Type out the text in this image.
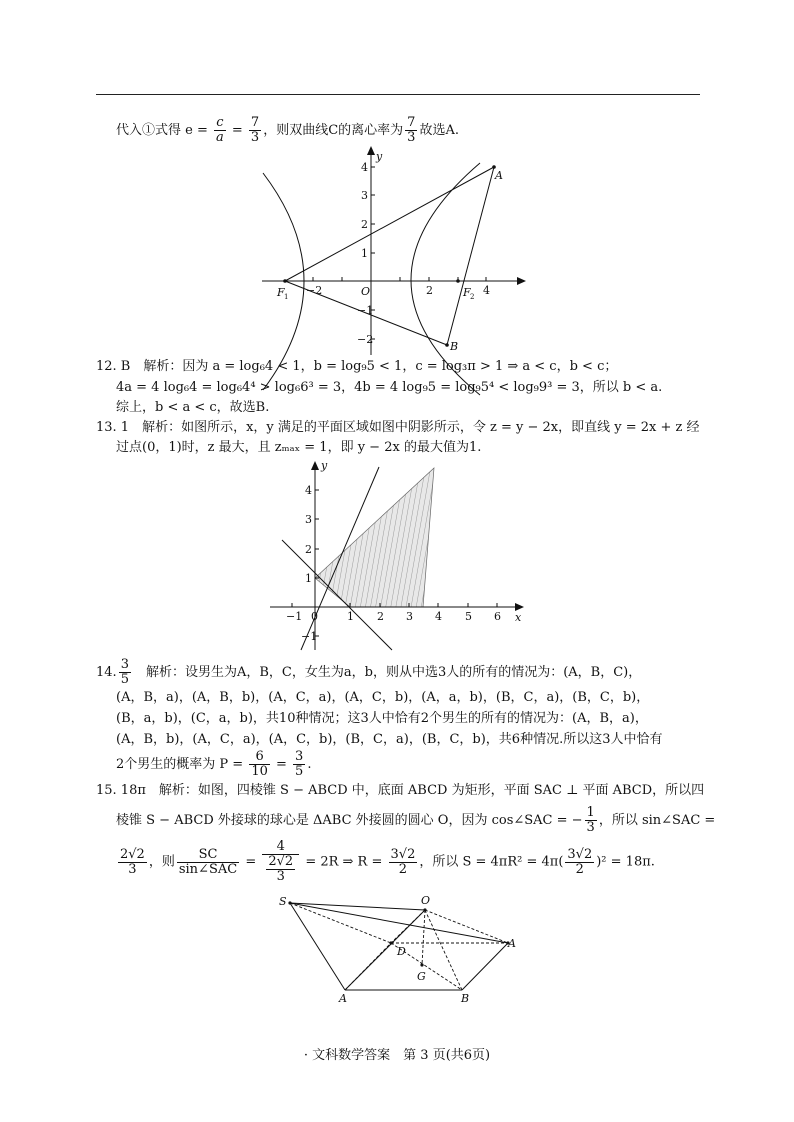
代入①式得 $e = \frac{c}{a} = \frac{7}{3}$ ，则双曲线C的离心率为 $\frac{7}{3}$ 故选A.
y
4
3
2
1
−1
−2
−2	2	4
O
F 1	F 2
A
B
12. B　解析：因为 a = log₆4 < 1，b = log₉5 < 1，c = log₃π > 1 ⇒ a < c，b < c；
4a = 4 log₆4 = log₆4⁴ > log₆6³ = 3，4b = 4 log₉5 = log₉5⁴ < log₉9³ = 3，所以 b < a.
综上，b < a < c，故选B.
13. 1　解析：如图所示，x，y 满足的平面区域如图中阴影所示，令 z = y − 2x，即直线 y = 2x + z 经
过点(0，1)时，z 最大，且 zₘₐₓ = 1，即 y − 2x 的最大值为1.
y
x
4
3
2
1
−1
−1 0	1 2 3 4 5 6
14. $\frac{3}{5}$
　 解析：设男生为A，B，C，女生为a，b，则从中选3人的所有的情况为：(A，B，C)，
(A，B，a)，(A，B，b)，(A，C，a)，(A，C，b)，(A，a，b)，(B，C，a)，(B，C，b)，
(B，a，b)，(C，a，b)，共10种情况；这3人中恰有2个男生的所有的情况为：(A，B，a)，
(A，B，b)，(A，C，a)，(A，C，b)，(B，C，a)，(B，C，b)，共6种情况.所以这3人中恰有
2个男生的概率为 $P = \frac{6}{10} = \frac{3}{5}$ .
15. 18π　解析：如图，四棱锥 S − ABCD 中，底面 ABCD 为矩形，平面 SAC ⊥ 平面 ABCD，所以四
棱锥 S − ABCD 外接球的球心是 ΔABC 外接圆的圆心 O，因为 cos∠SAC = − $\frac{1}{3}$ ，所以 sin∠SAC =
$\frac{2√2}{3}$ ，则 $\frac{SC}{\text{sin∠SAC}} = \frac{4}{\frac{2√2}{3}} = 2R$ ⇒ $R = \frac{3√2}{2}$ ，所以 $S = 4\pi R^2 = 4\pi( \frac{3√2}{2} )^2 = 18\pi$.
S	O
A
D
G
A	B
· 文科数学答案　第 3 页(共6页)
